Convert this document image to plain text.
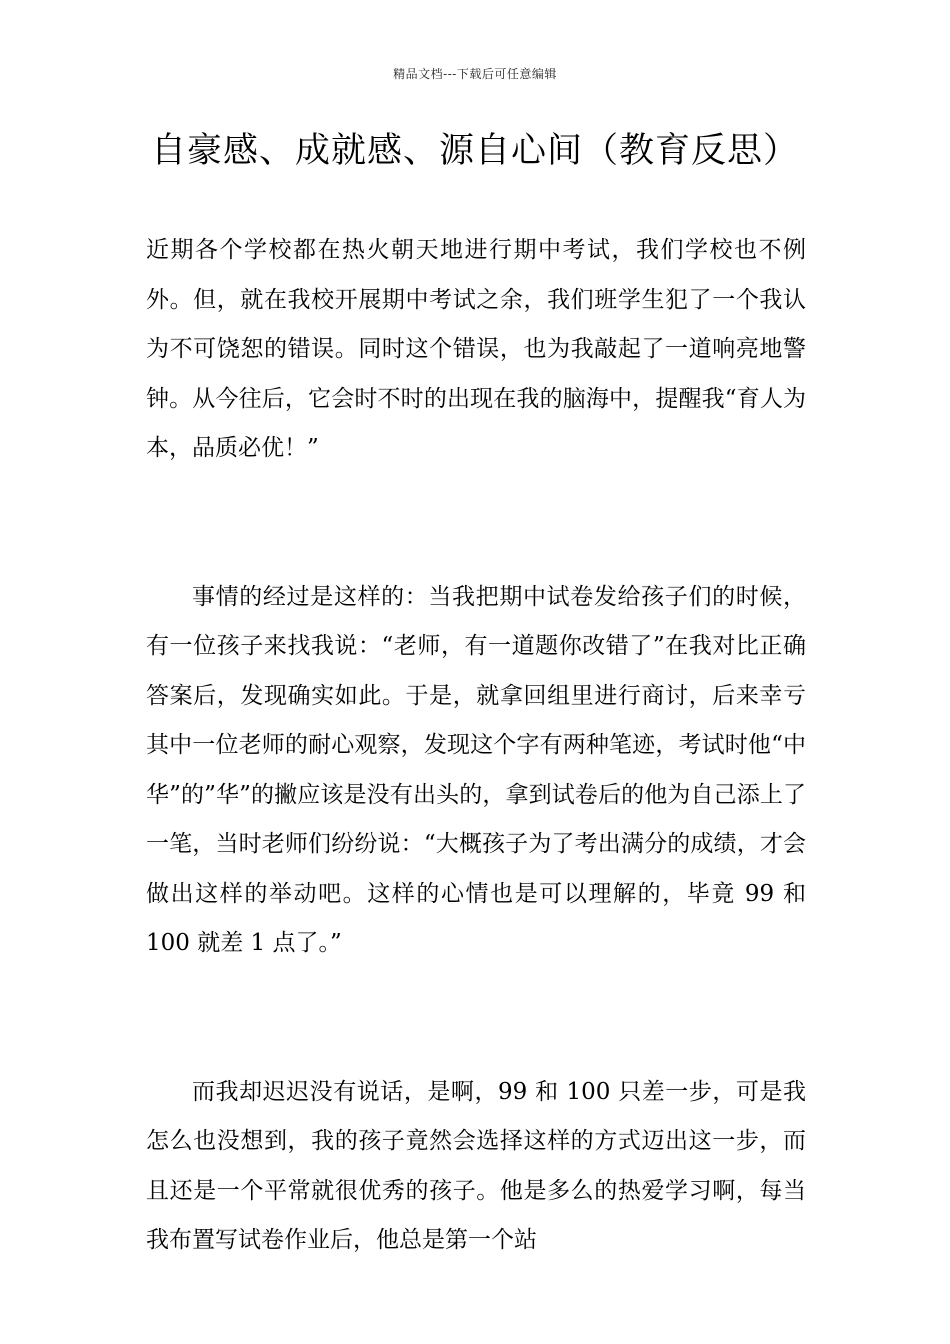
精品文档---下载后可任意编辑
自豪感、成就感、源自心间（教育反思）

近期各个学校都在热火朝天地进行期中考试，我们学校也不例外。但，就在我校开展期中考试之余，我们班学生犯了一个我认为不可饶恕的错误。同时这个错误，也为我敲起了一道响亮地警钟。从今往后，它会时不时的出现在我的脑海中，提醒我“育人为本，品质必优！”

事情的经过是这样的：当我把期中试卷发给孩子们的时候，有一位孩子来找我说：“老师，有一道题你改错了”在我对比正确答案后，发现确实如此。于是，就拿回组里进行商讨，后来幸亏其中一位老师的耐心观察，发现这个字有两种笔迹，考试时他“中华”的”华”的撇应该是没有出头的，拿到试卷后的他为自己添上了一笔，当时老师们纷纷说：“大概孩子为了考出满分的成绩，才会做出这样的举动吧。这样的心情也是可以理解的，毕竟 99 和 100 就差 1 点了。”

而我却迟迟没有说话，是啊，99 和 100 只差一步，可是我怎么也没想到，我的孩子竟然会选择这样的方式迈出这一步，而且还是一个平常就很优秀的孩子。他是多么的热爱学习啊，每当我布置写试卷作业后，他总是第一个站
